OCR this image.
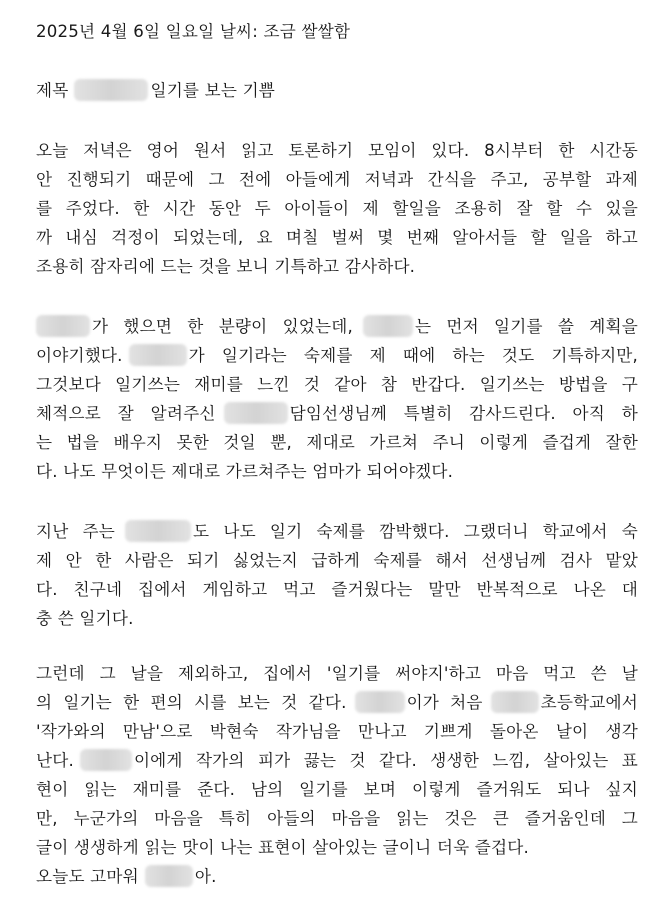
2025년 4월 6일 일요일 날씨: 조금 쌀쌀함
제목	일기를 보는 기쁨
오늘 저녁은 영어 원서 읽고 토론하기 모임이 있다. 8시부터 한 시간동
안 진행되기 때문에 그 전에 아들에게 저녁과 간식을 주고, 공부할 과제
를 주었다. 한 시간 동안 두 아이들이 제 할일을 조용히 잘 할 수 있을
까 내심 걱정이 되었는데, 요 며칠 벌써 몇 번째 알아서들 할 일을 하고
조용히 잠자리에 드는 것을 보니 기특하고 감사하다.
가 했으면 한 분량이 있었는데,	는 먼저 일기를 쓸 계획을
이야기했다.	가 일기라는 숙제를 제 때에 하는 것도 기특하지만,
그것보다 일기쓰는 재미를 느낀 것 같아 참 반갑다. 일기쓰는 방법을 구
체적으로 잘 알려주신	담임선생님께 특별히 감사드린다. 아직 하
는 법을 배우지 못한 것일 뿐, 제대로 가르쳐 주니 이렇게 즐겁게 잘한
다. 나도 무엇이든 제대로 가르쳐주는 엄마가 되어야겠다.
지난 주는	도 나도 일기 숙제를 깜박했다. 그랬더니 학교에서 숙
제 안 한 사람은 되기 싫었는지 급하게 숙제를 해서 선생님께 검사 맡았
다. 친구네 집에서 게임하고 먹고 즐거웠다는 말만 반복적으로 나온 대
충 쓴 일기다.
그런데 그 날을 제외하고, 집에서 '일기를 써야지'하고 마음 먹고 쓴 날
의 일기는 한 편의 시를 보는 것 같다.	이가 처음	초등학교에서
'작가와의 만남'으로 박현숙 작가님을 만나고 기쁘게 돌아온 날이 생각
난다.	이에게 작가의 피가 끓는 것 같다. 생생한 느낌, 살아있는 표
현이 읽는 재미를 준다. 남의 일기를 보며 이렇게 즐거워도 되나 싶지
만, 누군가의 마음을 특히 아들의 마음을 읽는 것은 큰 즐거움인데 그
글이 생생하게 읽는 맛이 나는 표현이 살아있는 글이니 더욱 즐겁다.
오늘도 고마워	아.
